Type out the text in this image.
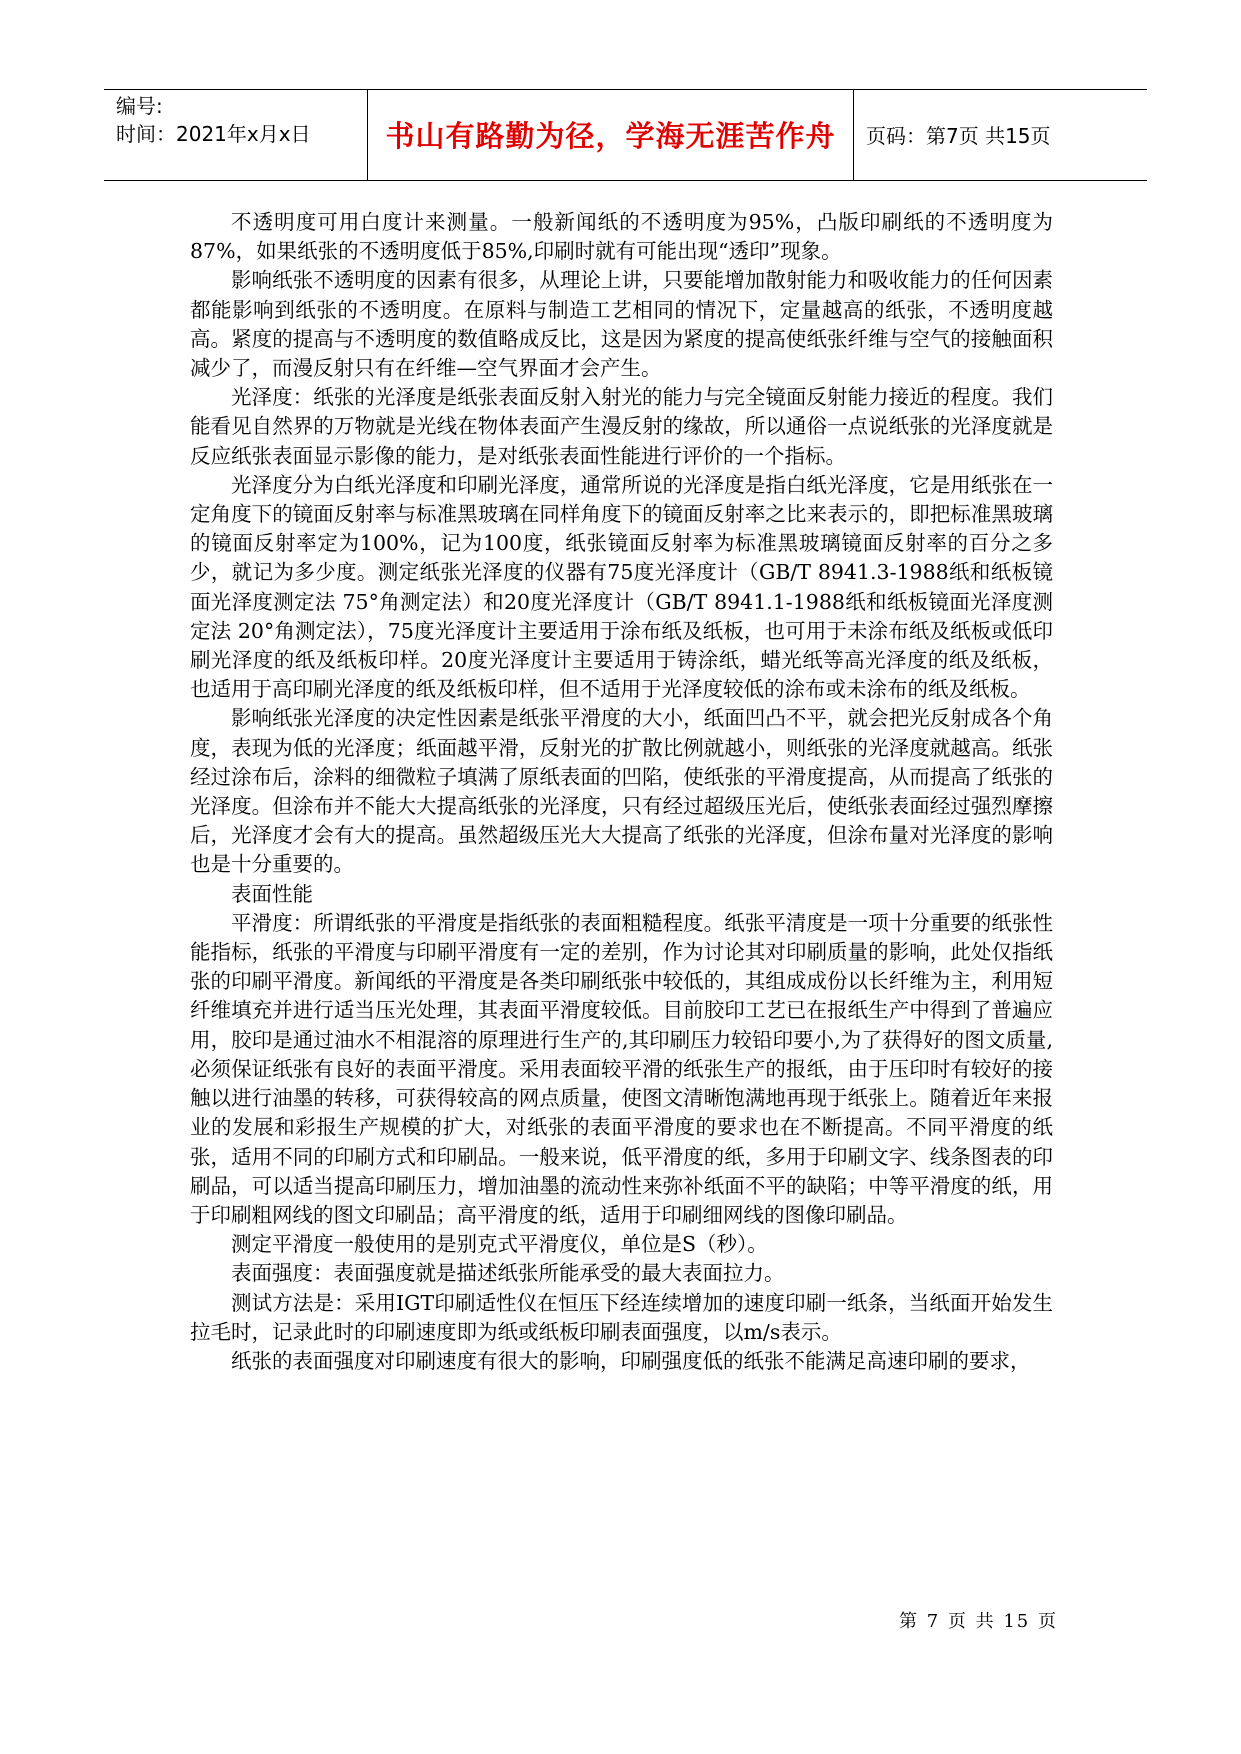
编号:
时间：2021年x月x日	书山有路勤为径，学海无涯苦作舟	页码：第7页 共15页

不透明度可用白度计来测量。一般新闻纸的不透明度为95%，凸版印刷纸的不透明度为87%，如果纸张的不透明度低于85%,印刷时就有可能出现“透印”现象。

影响纸张不透明度的因素有很多，从理论上讲，只要能增加散射能力和吸收能力的任何因素都能影响到纸张的不透明度。在原料与制造工艺相同的情况下，定量越高的纸张，不透明度越高。紧度的提高与不透明度的数值略成反比，这是因为紧度的提高使纸张纤维与空气的接触面积减少了，而漫反射只有在纤维—空气界面才会产生。

光泽度：纸张的光泽度是纸张表面反射入射光的能力与完全镜面反射能力接近的程度。我们能看见自然界的万物就是光线在物体表面产生漫反射的缘故，所以通俗一点说纸张的光泽度就是反应纸张表面显示影像的能力，是对纸张表面性能进行评价的一个指标。

光泽度分为白纸光泽度和印刷光泽度，通常所说的光泽度是指白纸光泽度，它是用纸张在一定角度下的镜面反射率与标准黑玻璃在同样角度下的镜面反射率之比来表示的，即把标准黑玻璃的镜面反射率定为100%，记为100度，纸张镜面反射率为标准黑玻璃镜面反射率的百分之多少，就记为多少度。测定纸张光泽度的仪器有75度光泽度计（GB/T 8941.3-1988纸和纸板镜面光泽度测定法 75°角测定法）和20度光泽度计（GB/T 8941.1-1988纸和纸板镜面光泽度测定法 20°角测定法），75度光泽度计主要适用于涂布纸及纸板，也可用于未涂布纸及纸板或低印刷光泽度的纸及纸板印样。20度光泽度计主要适用于铸涂纸，蜡光纸等高光泽度的纸及纸板，也适用于高印刷光泽度的纸及纸板印样，但不适用于光泽度较低的涂布或未涂布的纸及纸板。

影响纸张光泽度的决定性因素是纸张平滑度的大小，纸面凹凸不平，就会把光反射成各个角度，表现为低的光泽度；纸面越平滑，反射光的扩散比例就越小，则纸张的光泽度就越高。纸张经过涂布后，涂料的细微粒子填满了原纸表面的凹陷，使纸张的平滑度提高，从而提高了纸张的光泽度。但涂布并不能大大提高纸张的光泽度，只有经过超级压光后，使纸张表面经过强烈摩擦后，光泽度才会有大的提高。虽然超级压光大大提高了纸张的光泽度，但涂布量对光泽度的影响也是十分重要的。

表面性能

平滑度：所谓纸张的平滑度是指纸张的表面粗糙程度。纸张平清度是一项十分重要的纸张性能指标，纸张的平滑度与印刷平滑度有一定的差别，作为讨论其对印刷质量的影响，此处仅指纸张的印刷平滑度。新闻纸的平滑度是各类印刷纸张中较低的，其组成成份以长纤维为主，利用短纤维填充并进行适当压光处理，其表面平滑度较低。目前胶印工艺已在报纸生产中得到了普遍应用，胶印是通过油水不相混溶的原理进行生产的,其印刷压力较铅印要小,为了获得好的图文质量,必须保证纸张有良好的表面平滑度。采用表面较平滑的纸张生产的报纸，由于压印时有较好的接触以进行油墨的转移，可获得较高的网点质量，使图文清晰饱满地再现于纸张上。随着近年来报业的发展和彩报生产规模的扩大，对纸张的表面平滑度的要求也在不断提高。不同平滑度的纸张，适用不同的印刷方式和印刷品。一般来说，低平滑度的纸，多用于印刷文字、线条图表的印刷品，可以适当提高印刷压力，增加油墨的流动性来弥补纸面不平的缺陷；中等平滑度的纸，用于印刷粗网线的图文印刷品；高平滑度的纸，适用于印刷细网线的图像印刷品。

测定平滑度一般使用的是别克式平滑度仪，单位是S（秒）。

表面强度：表面强度就是描述纸张所能承受的最大表面拉力。

测试方法是：采用IGT印刷适性仪在恒压下经连续增加的速度印刷一纸条，当纸面开始发生拉毛时，记录此时的印刷速度即为纸或纸板印刷表面强度，以m/s表示。

纸张的表面强度对印刷速度有很大的影响，印刷强度低的纸张不能满足高速印刷的要求，

第 7 页 共 15 页
